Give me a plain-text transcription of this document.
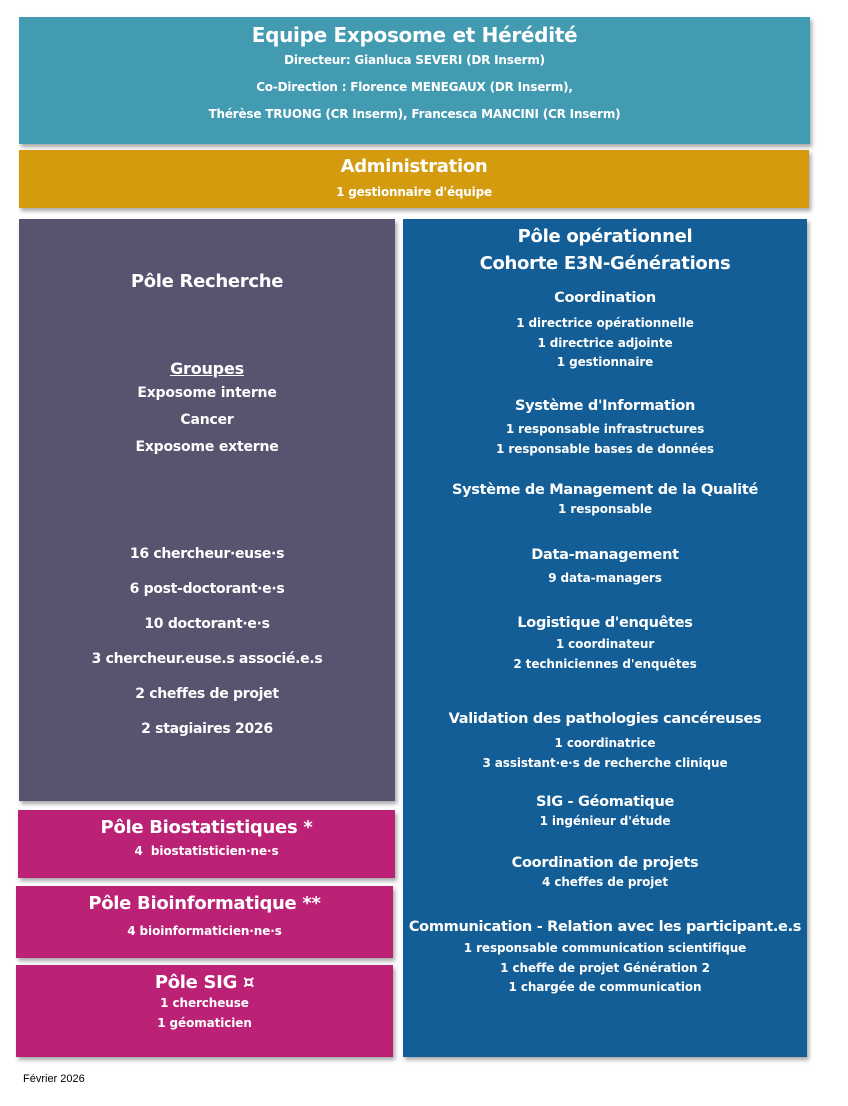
Equipe Exposome et Hérédité
Directeur: Gianluca SEVERI (DR Inserm)
Co-Direction : Florence MENEGAUX (DR Inserm),
Thérèse TRUONG (CR Inserm), Francesca MANCINI (CR Inserm)
Administration
1 gestionnaire d'équipe
Pôle Recherche
Groupes
Exposome interne
Cancer
Exposome externe
16 chercheur·euse·s
6 post-doctorant·e·s
10 doctorant·e·s
3 chercheur.euse.s associé.e.s
2 cheffes de projet
2 stagiaires 2026
Pôle Biostatistiques *
4  biostatisticien·ne·s
Pôle Bioinformatique **
4 bioinformaticien·ne·s
Pôle SIG ¤
1 chercheuse
1 géomaticien
Pôle opérationnel
Cohorte E3N-Générations
Coordination
1 directrice opérationnelle
1 directrice adjointe
1 gestionnaire
Système d'Information
1 responsable infrastructures
1 responsable bases de données
Système de Management de la Qualité
1 responsable
Data-management
9 data-managers
Logistique d'enquêtes
1 coordinateur
2 techniciennes d'enquêtes
Validation des pathologies cancéreuses
1 coordinatrice
3 assistant·e·s de recherche clinique
SIG - Géomatique
1 ingénieur d'étude
Coordination de projets
4 cheffes de projet
Communication - Relation avec les participant.e.s
1 responsable communication scientifique
1 cheffe de projet Génération 2
1 chargée de communication
Février 2026
